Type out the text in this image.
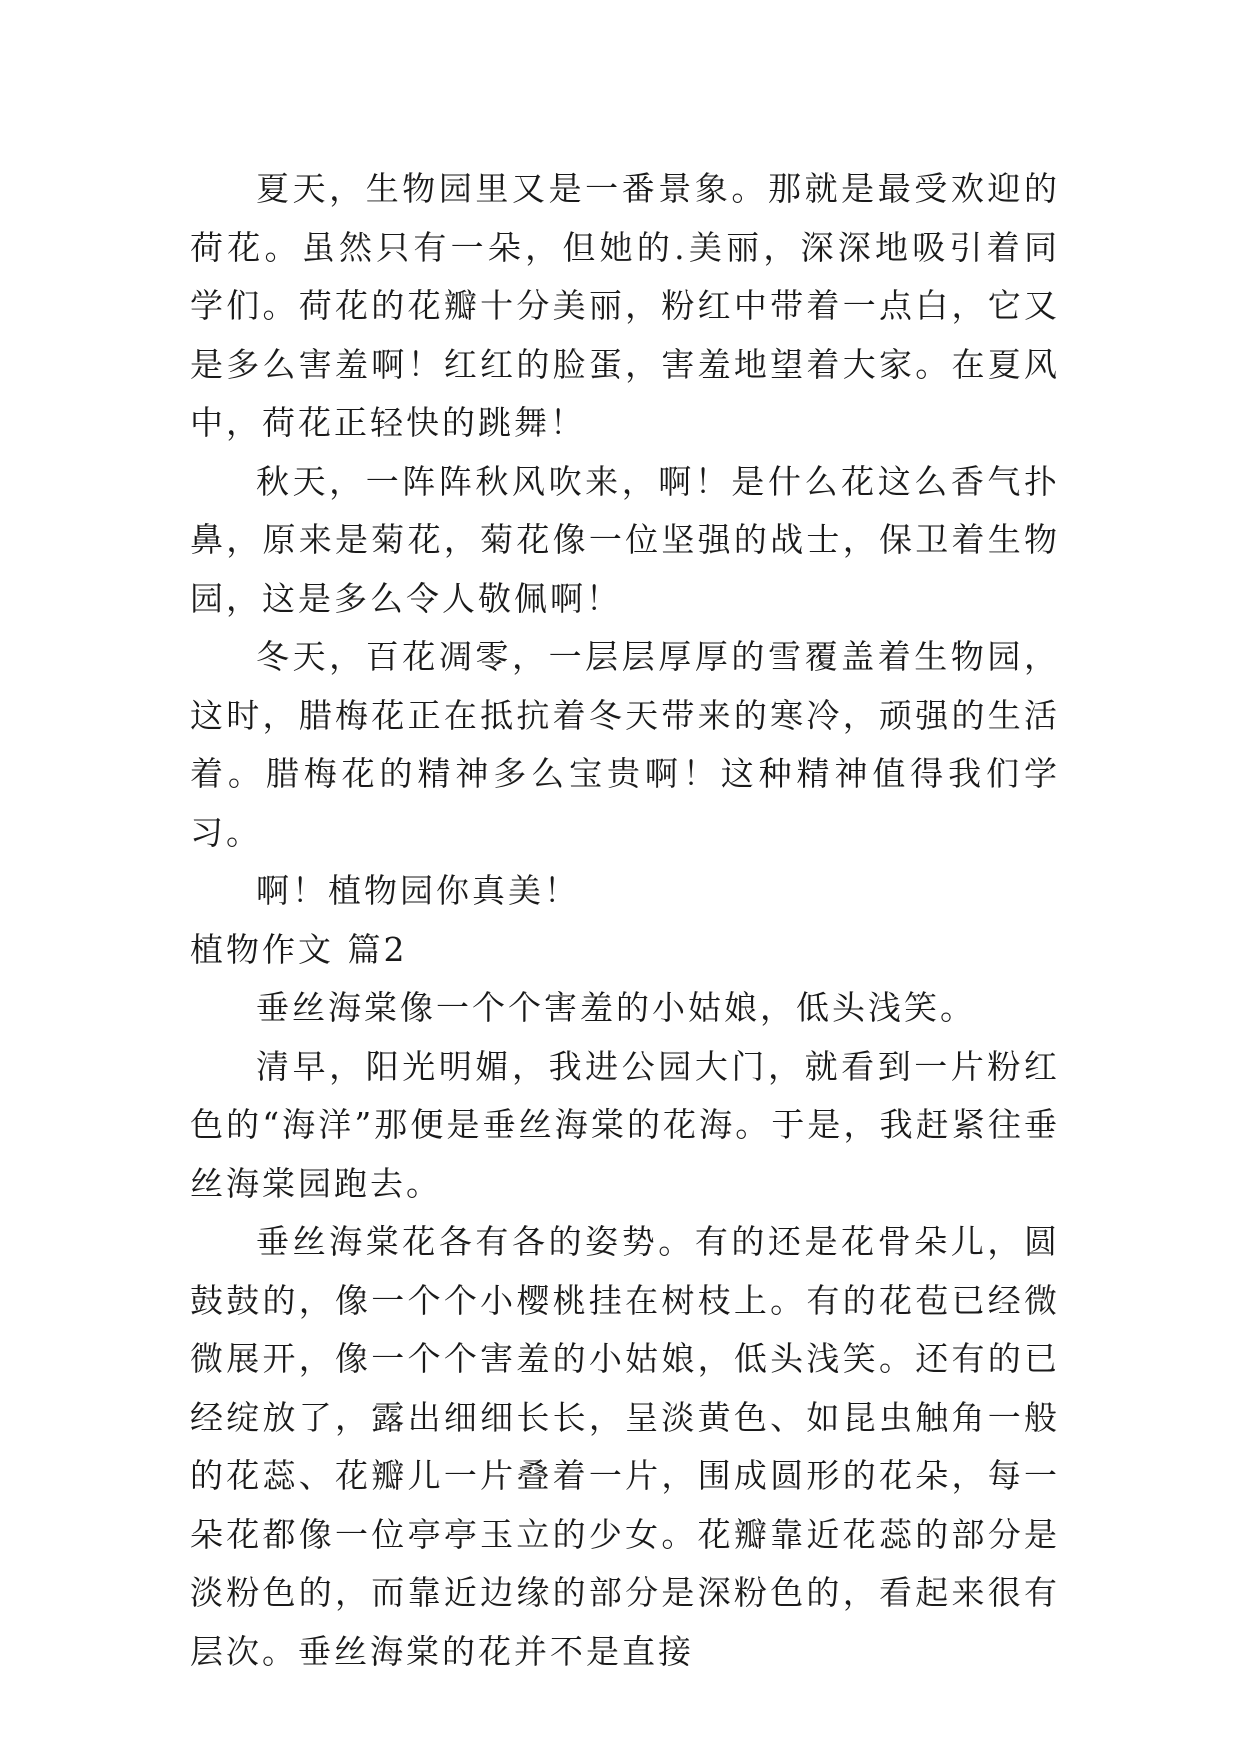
夏天，生物园里又是一番景象。那就是最受欢迎的荷花。虽然只有一朵，但她的.美丽，深深地吸引着同学们。荷花的花瓣十分美丽，粉红中带着一点白，它又是多么害羞啊！红红的脸蛋，害羞地望着大家。在夏风中，荷花正轻快的跳舞！

秋天，一阵阵秋风吹来，啊！是什么花这么香气扑鼻，原来是菊花，菊花像一位坚强的战士，保卫着生物园，这是多么令人敬佩啊！

冬天，百花凋零，一层层厚厚的雪覆盖着生物园，这时，腊梅花正在抵抗着冬天带来的寒冷，顽强的生活着。腊梅花的精神多么宝贵啊！这种精神值得我们学习。

啊！植物园你真美！

植物作文 篇2

垂丝海棠像一个个害羞的小姑娘，低头浅笑。

清早，阳光明媚，我进公园大门，就看到一片粉红色的“海洋”那便是垂丝海棠的花海。于是，我赶紧往垂丝海棠园跑去。

垂丝海棠花各有各的姿势。有的还是花骨朵儿，圆鼓鼓的，像一个个小樱桃挂在树枝上。有的花苞已经微微展开，像一个个害羞的小姑娘，低头浅笑。还有的已经绽放了，露出细细长长，呈淡黄色、如昆虫触角一般的花蕊、花瓣儿一片叠着一片，围成圆形的花朵，每一朵花都像一位亭亭玉立的少女。花瓣靠近花蕊的部分是淡粉色的，而靠近边缘的部分是深粉色的，看起来很有层次。垂丝海棠的花并不是直接
